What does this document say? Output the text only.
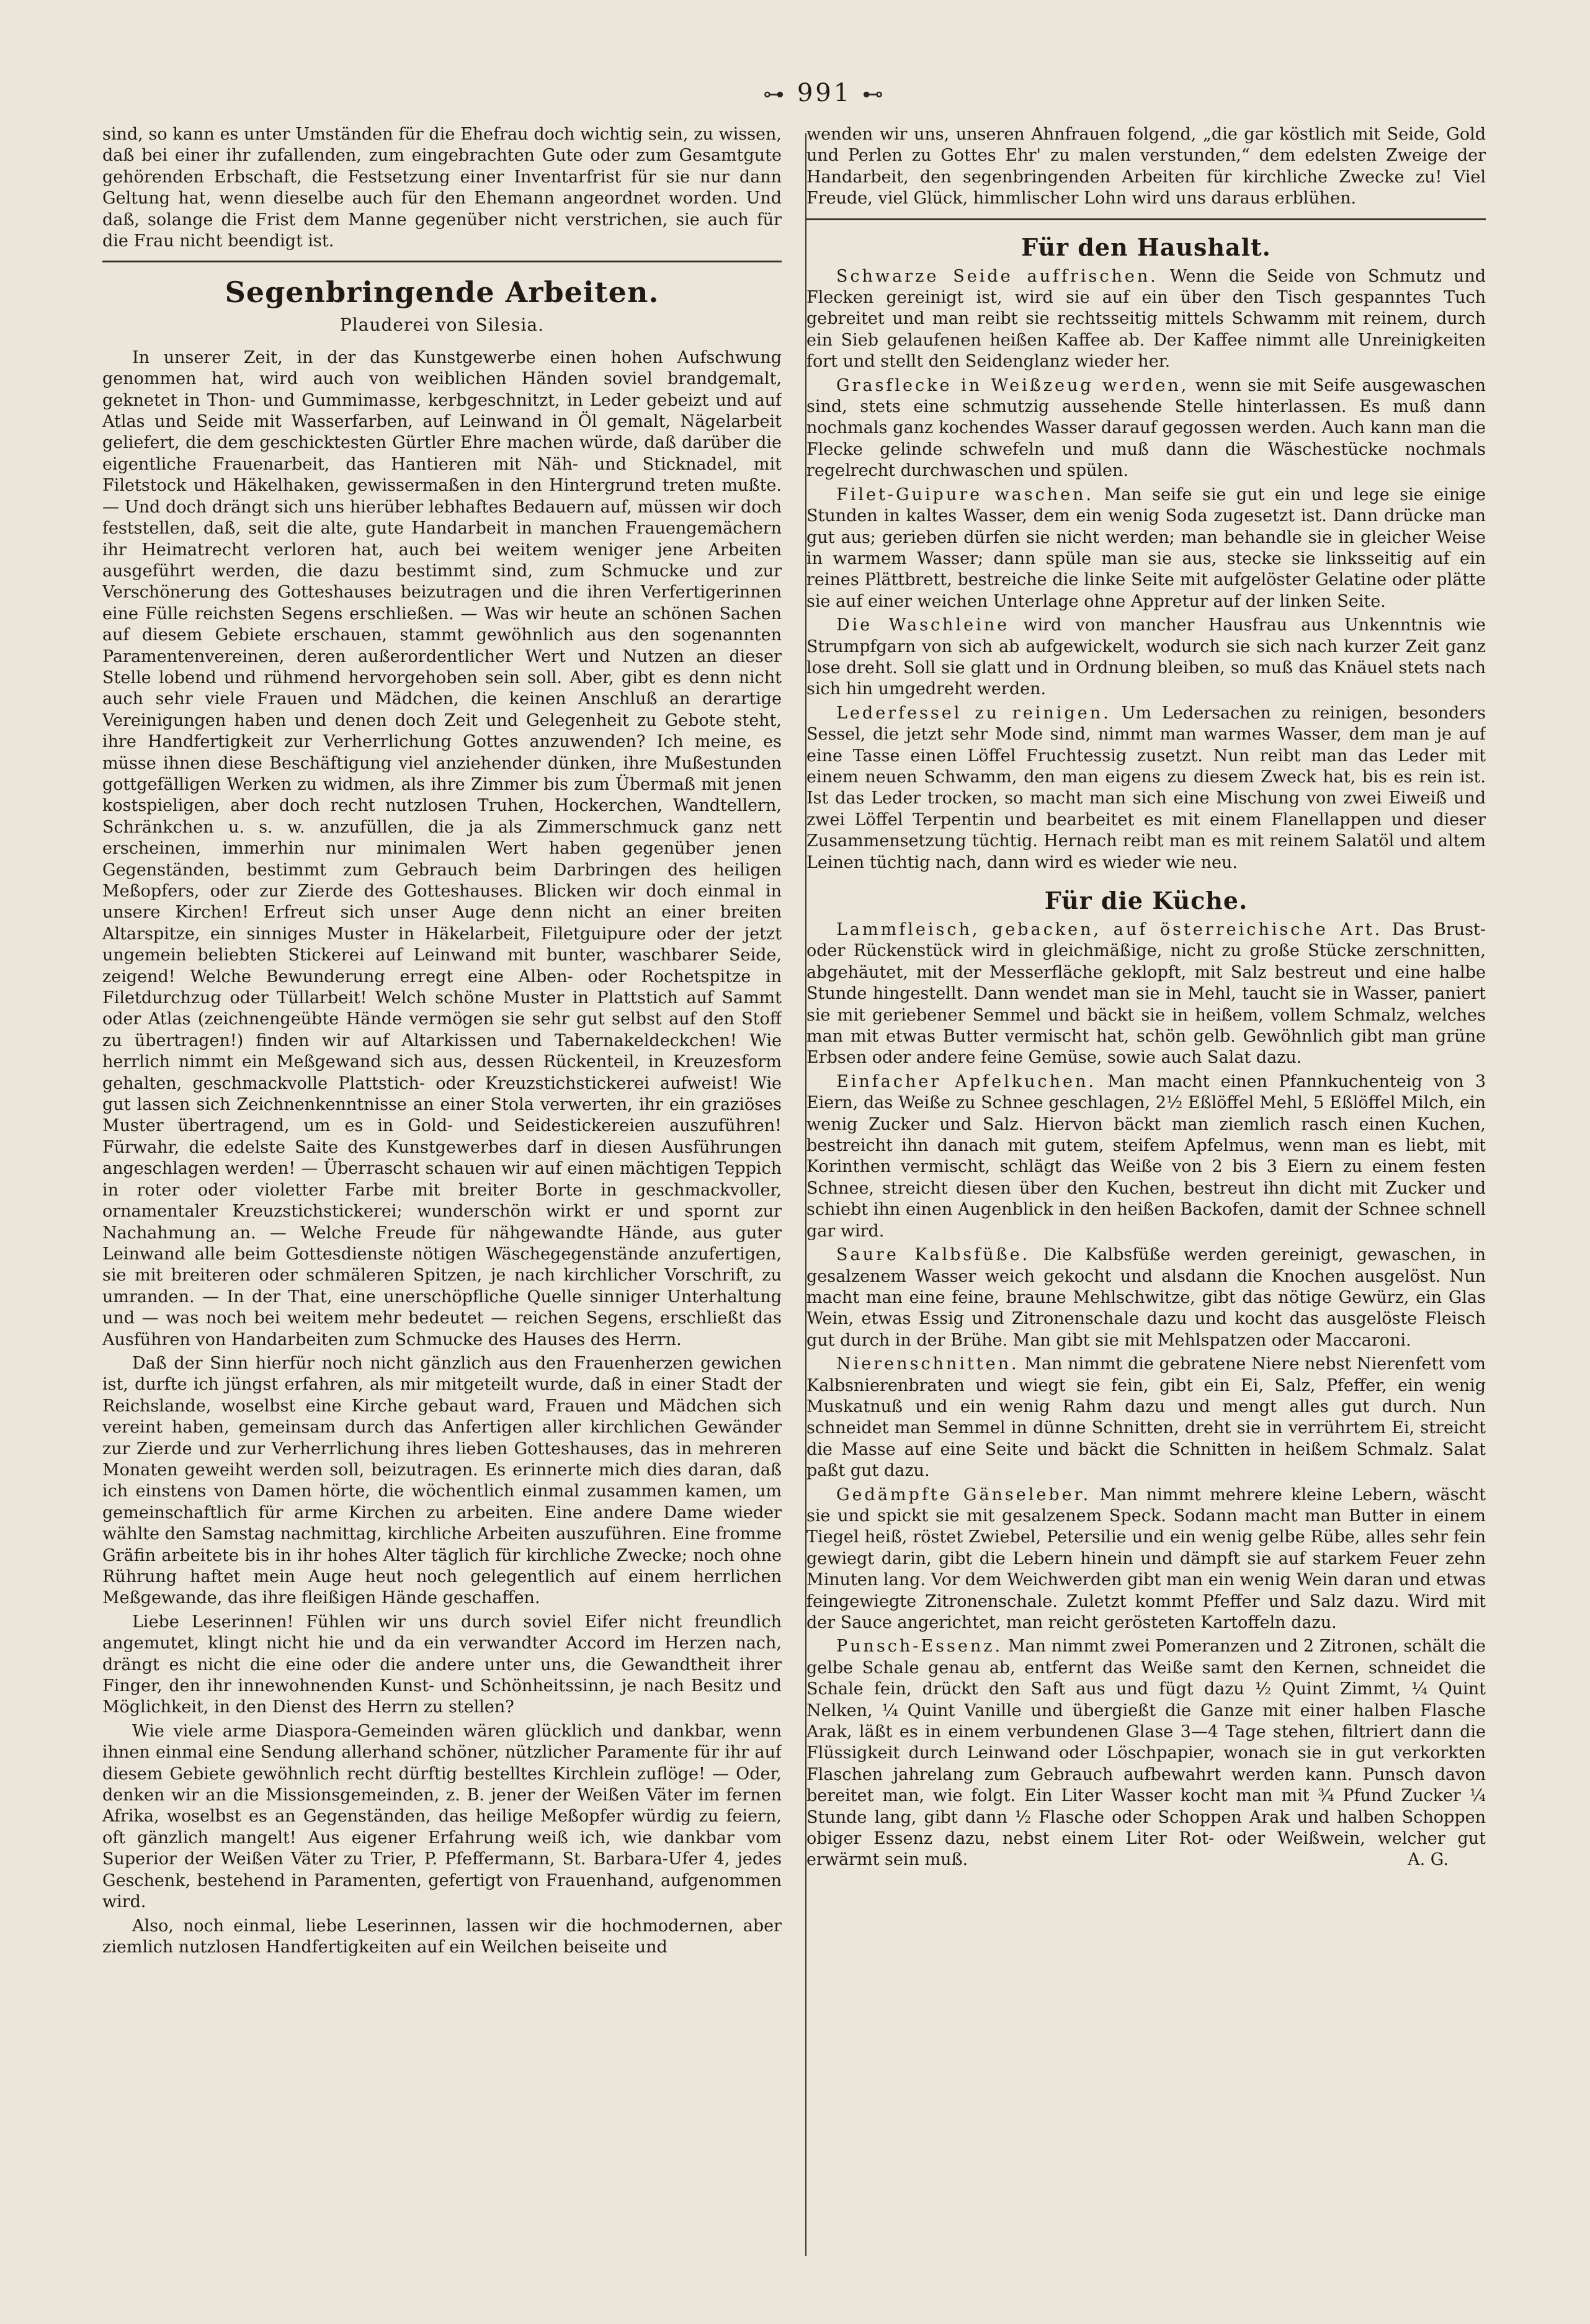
⊶ 991 ⊷

sind, so kann es unter Umständen für die Ehefrau doch wichtig sein, zu wissen, daß bei einer ihr zufallenden, zum eingebrachten Gute oder zum Gesamtgute gehörenden Erbschaft, die Festsetzung einer Inventarfrist für sie nur dann Geltung hat, wenn dieselbe auch für den Ehemann angeordnet worden. Und daß, solange die Frist dem Manne gegenüber nicht verstrichen, sie auch für die Frau nicht beendigt ist.

Segenbringende Arbeiten.
Plauderei von Silesia.

In unserer Zeit, in der das Kunstgewerbe einen hohen Aufschwung genommen hat, wird auch von weiblichen Händen soviel brandgemalt, geknetet in Thon- und Gummimasse, kerbgeschnitzt, in Leder gebeizt und auf Atlas und Seide mit Wasserfarben, auf Leinwand in Öl gemalt, Nägelarbeit geliefert, die dem geschicktesten Gürtler Ehre machen würde, daß darüber die eigentliche Frauenarbeit, das Hantieren mit Näh- und Sticknadel, mit Filetstock und Häkelhaken, gewissermaßen in den Hintergrund treten mußte. — Und doch drängt sich uns hierüber lebhaftes Bedauern auf, müssen wir doch feststellen, daß, seit die alte, gute Handarbeit in manchen Frauengemächern ihr Heimatrecht verloren hat, auch bei weitem weniger jene Arbeiten ausgeführt werden, die dazu bestimmt sind, zum Schmucke und zur Verschönerung des Gotteshauses beizutragen und die ihren Verfertigerinnen eine Fülle reichsten Segens erschließen. — Was wir heute an schönen Sachen auf diesem Gebiete erschauen, stammt gewöhnlich aus den sogenannten Paramentenvereinen, deren außerordentlicher Wert und Nutzen an dieser Stelle lobend und rühmend hervorgehoben sein soll. Aber, gibt es denn nicht auch sehr viele Frauen und Mädchen, die keinen Anschluß an derartige Vereinigungen haben und denen doch Zeit und Gelegenheit zu Gebote steht, ihre Handfertigkeit zur Verherrlichung Gottes anzuwenden? Ich meine, es müsse ihnen diese Beschäftigung viel anziehender dünken, ihre Mußestunden gottgefälligen Werken zu widmen, als ihre Zimmer bis zum Übermaß mit jenen kostspieligen, aber doch recht nutzlosen Truhen, Hockerchen, Wandtellern, Schränkchen u. s. w. anzufüllen, die ja als Zimmerschmuck ganz nett erscheinen, immerhin nur minimalen Wert haben gegenüber jenen Gegenständen, bestimmt zum Gebrauch beim Darbringen des heiligen Meßopfers, oder zur Zierde des Gotteshauses. Blicken wir doch einmal in unsere Kirchen! Erfreut sich unser Auge denn nicht an einer breiten Altarspitze, ein sinniges Muster in Häkelarbeit, Filetguipure oder der jetzt ungemein beliebten Stickerei auf Leinwand mit bunter, waschbarer Seide, zeigend! Welche Bewunderung erregt eine Alben- oder Rochetspitze in Filetdurchzug oder Tüllarbeit! Welch schöne Muster in Plattstich auf Sammt oder Atlas (zeichnengeübte Hände vermögen sie sehr gut selbst auf den Stoff zu übertragen!) finden wir auf Altarkissen und Tabernakeldeckchen! Wie herrlich nimmt ein Meßgewand sich aus, dessen Rückenteil, in Kreuzesform gehalten, geschmackvolle Plattstich- oder Kreuzstichstickerei aufweist! Wie gut lassen sich Zeichnenkenntnisse an einer Stola verwerten, ihr ein graziöses Muster übertragend, um es in Gold- und Seidestickereien auszuführen! Fürwahr, die edelste Saite des Kunstgewerbes darf in diesen Ausführungen angeschlagen werden! — Überrascht schauen wir auf einen mächtigen Teppich in roter oder violetter Farbe mit breiter Borte in geschmackvoller, ornamentaler Kreuzstichstickerei; wunderschön wirkt er und spornt zur Nachahmung an. — Welche Freude für nähgewandte Hände, aus guter Leinwand alle beim Gottesdienste nötigen Wäschegegenstände anzufertigen, sie mit breiteren oder schmäleren Spitzen, je nach kirchlicher Vorschrift, zu umranden. — In der That, eine unerschöpfliche Quelle sinniger Unterhaltung und — was noch bei weitem mehr bedeutet — reichen Segens, erschließt das Ausführen von Handarbeiten zum Schmucke des Hauses des Herrn.

Daß der Sinn hierfür noch nicht gänzlich aus den Frauenherzen gewichen ist, durfte ich jüngst erfahren, als mir mitgeteilt wurde, daß in einer Stadt der Reichslande, woselbst eine Kirche gebaut ward, Frauen und Mädchen sich vereint haben, gemeinsam durch das Anfertigen aller kirchlichen Gewänder zur Zierde und zur Verherrlichung ihres lieben Gotteshauses, das in mehreren Monaten geweiht werden soll, beizutragen. Es erinnerte mich dies daran, daß ich einstens von Damen hörte, die wöchentlich einmal zusammen kamen, um gemeinschaftlich für arme Kirchen zu arbeiten. Eine andere Dame wieder wählte den Samstag nachmittag, kirchliche Arbeiten auszuführen. Eine fromme Gräfin arbeitete bis in ihr hohes Alter täglich für kirchliche Zwecke; noch ohne Rührung haftet mein Auge heut noch gelegentlich auf einem herrlichen Meßgewande, das ihre fleißigen Hände geschaffen.

Liebe Leserinnen! Fühlen wir uns durch soviel Eifer nicht freundlich angemutet, klingt nicht hie und da ein verwandter Accord im Herzen nach, drängt es nicht die eine oder die andere unter uns, die Gewandtheit ihrer Finger, den ihr innewohnenden Kunst- und Schönheitssinn, je nach Besitz und Möglichkeit, in den Dienst des Herrn zu stellen?

Wie viele arme Diaspora-Gemeinden wären glücklich und dankbar, wenn ihnen einmal eine Sendung allerhand schöner, nützlicher Paramente für ihr auf diesem Gebiete gewöhnlich recht dürftig bestelltes Kirchlein zuflöge! — Oder, denken wir an die Missionsgemeinden, z. B. jener der Weißen Väter im fernen Afrika, woselbst es an Gegenständen, das heilige Meßopfer würdig zu feiern, oft gänzlich mangelt! Aus eigener Erfahrung weiß ich, wie dankbar vom Superior der Weißen Väter zu Trier, P. Pfeffermann, St. Barbara-Ufer 4, jedes Geschenk, bestehend in Paramenten, gefertigt von Frauenhand, aufgenommen wird.

Also, noch einmal, liebe Leserinnen, lassen wir die hochmodernen, aber ziemlich nutzlosen Handfertigkeiten auf ein Weilchen beiseite und

wenden wir uns, unseren Ahnfrauen folgend, „die gar köstlich mit Seide, Gold und Perlen zu Gottes Ehr' zu malen verstunden,“ dem edelsten Zweige der Handarbeit, den segenbringenden Arbeiten für kirchliche Zwecke zu! Viel Freude, viel Glück, himmlischer Lohn wird uns daraus erblühen.

Für den Haushalt.

Schwarze Seide auffrischen. Wenn die Seide von Schmutz und Flecken gereinigt ist, wird sie auf ein über den Tisch gespanntes Tuch gebreitet und man reibt sie rechtsseitig mittels Schwamm mit reinem, durch ein Sieb gelaufenen heißen Kaffee ab. Der Kaffee nimmt alle Unreinigkeiten fort und stellt den Seidenglanz wieder her.

Grasflecke in Weißzeug werden, wenn sie mit Seife ausgewaschen sind, stets eine schmutzig aussehende Stelle hinterlassen. Es muß dann nochmals ganz kochendes Wasser darauf gegossen werden. Auch kann man die Flecke gelinde schwefeln und muß dann die Wäschestücke nochmals regelrecht durchwaschen und spülen.

Filet-Guipure waschen. Man seife sie gut ein und lege sie einige Stunden in kaltes Wasser, dem ein wenig Soda zugesetzt ist. Dann drücke man gut aus; gerieben dürfen sie nicht werden; man behandle sie in gleicher Weise in warmem Wasser; dann spüle man sie aus, stecke sie linksseitig auf ein reines Plättbrett, bestreiche die linke Seite mit aufgelöster Gelatine oder plätte sie auf einer weichen Unterlage ohne Appretur auf der linken Seite.

Die Waschleine wird von mancher Hausfrau aus Unkenntnis wie Strumpfgarn von sich ab aufgewickelt, wodurch sie sich nach kurzer Zeit ganz lose dreht. Soll sie glatt und in Ordnung bleiben, so muß das Knäuel stets nach sich hin umgedreht werden.

Lederfessel zu reinigen. Um Ledersachen zu reinigen, besonders Sessel, die jetzt sehr Mode sind, nimmt man warmes Wasser, dem man je auf eine Tasse einen Löffel Fruchtessig zusetzt. Nun reibt man das Leder mit einem neuen Schwamm, den man eigens zu diesem Zweck hat, bis es rein ist. Ist das Leder trocken, so macht man sich eine Mischung von zwei Eiweiß und zwei Löffel Terpentin und bearbeitet es mit einem Flanellappen und dieser Zusammensetzung tüchtig. Hernach reibt man es mit reinem Salatöl und altem Leinen tüchtig nach, dann wird es wieder wie neu.

Für die Küche.

Lammfleisch, gebacken, auf österreichische Art. Das Brust- oder Rückenstück wird in gleichmäßige, nicht zu große Stücke zerschnitten, abgehäutet, mit der Messerfläche geklopft, mit Salz bestreut und eine halbe Stunde hingestellt. Dann wendet man sie in Mehl, taucht sie in Wasser, paniert sie mit geriebener Semmel und bäckt sie in heißem, vollem Schmalz, welches man mit etwas Butter vermischt hat, schön gelb. Gewöhnlich gibt man grüne Erbsen oder andere feine Gemüse, sowie auch Salat dazu.

Einfacher Apfelkuchen. Man macht einen Pfannkuchenteig von 3 Eiern, das Weiße zu Schnee geschlagen, 2½ Eßlöffel Mehl, 5 Eßlöffel Milch, ein wenig Zucker und Salz. Hiervon bäckt man ziemlich rasch einen Kuchen, bestreicht ihn danach mit gutem, steifem Apfelmus, wenn man es liebt, mit Korinthen vermischt, schlägt das Weiße von 2 bis 3 Eiern zu einem festen Schnee, streicht diesen über den Kuchen, bestreut ihn dicht mit Zucker und schiebt ihn einen Augenblick in den heißen Backofen, damit der Schnee schnell gar wird.

Saure Kalbsfüße. Die Kalbsfüße werden gereinigt, gewaschen, in gesalzenem Wasser weich gekocht und alsdann die Knochen ausgelöst. Nun macht man eine feine, braune Mehlschwitze, gibt das nötige Gewürz, ein Glas Wein, etwas Essig und Zitronenschale dazu und kocht das ausgelöste Fleisch gut durch in der Brühe. Man gibt sie mit Mehlspatzen oder Maccaroni.

Nierenschnitten. Man nimmt die gebratene Niere nebst Nierenfett vom Kalbsnierenbraten und wiegt sie fein, gibt ein Ei, Salz, Pfeffer, ein wenig Muskatnuß und ein wenig Rahm dazu und mengt alles gut durch. Nun schneidet man Semmel in dünne Schnitten, dreht sie in verrührtem Ei, streicht die Masse auf eine Seite und bäckt die Schnitten in heißem Schmalz. Salat paßt gut dazu.

Gedämpfte Gänseleber. Man nimmt mehrere kleine Lebern, wäscht sie und spickt sie mit gesalzenem Speck. Sodann macht man Butter in einem Tiegel heiß, röstet Zwiebel, Petersilie und ein wenig gelbe Rübe, alles sehr fein gewiegt darin, gibt die Lebern hinein und dämpft sie auf starkem Feuer zehn Minuten lang. Vor dem Weichwerden gibt man ein wenig Wein daran und etwas feingewiegte Zitronenschale. Zuletzt kommt Pfeffer und Salz dazu. Wird mit der Sauce angerichtet, man reicht gerösteten Kartoffeln dazu.

Punsch-Essenz. Man nimmt zwei Pomeranzen und 2 Zitronen, schält die gelbe Schale genau ab, entfernt das Weiße samt den Kernen, schneidet die Schale fein, drückt den Saft aus und fügt dazu ½ Quint Zimmt, ¼ Quint Nelken, ¼ Quint Vanille und übergießt die Ganze mit einer halben Flasche Arak, läßt es in einem verbundenen Glase 3—4 Tage stehen, filtriert dann die Flüssigkeit durch Leinwand oder Löschpapier, wonach sie in gut verkorkten Flaschen jahrelang zum Gebrauch aufbewahrt werden kann. Punsch davon bereitet man, wie folgt. Ein Liter Wasser kocht man mit ¾ Pfund Zucker ¼ Stunde lang, gibt dann ½ Flasche oder Schoppen Arak und halben Schoppen obiger Essenz dazu, nebst einem Liter Rot- oder Weißwein, welcher gut erwärmt sein muß.	A. G.
